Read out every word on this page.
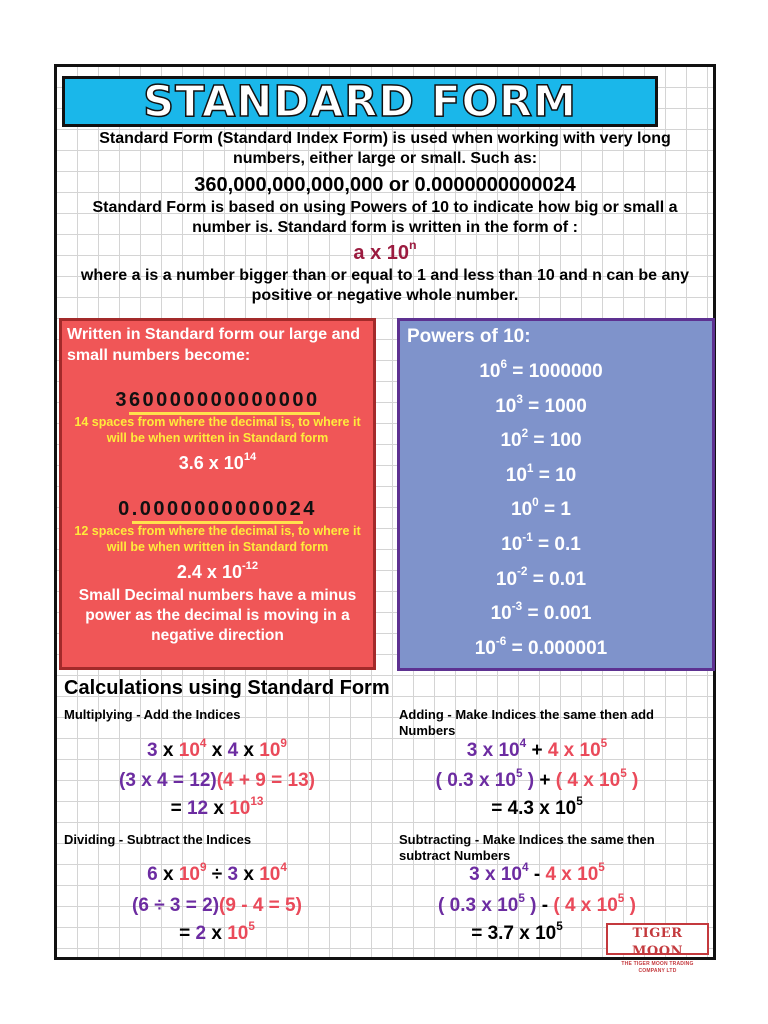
STANDARD FORM
Standard Form (Standard Index Form) is used when working with very long numbers, either large or small. Such as:
360,000,000,000,000 or 0.0000000000024
Standard Form is based on using Powers of 10 to indicate how big or small a number is. Standard form is written in the form of :
a x 10$^n$
where a is a number bigger than or equal to 1 and less than 10 and n can be any positive or negative whole number.
Written in Standard form our large and small numbers become:
360000000000000
14 spaces from where the decimal is, to where it will be when written in Standard form
3.6 x $10^{14}$
0.0000000000024
12 spaces from where the decimal is, to where it will be when written in Standard form
2.4 x $10^{-12}$
Small Decimal numbers have a minus power as the decimal is moving in a negative direction
Powers of 10:
$10^6 = 1000000$
$10^3 = 1000$
$10^2 = 100$
$10^1 = 10$
$10^0 = 1$
$10^{-1} = 0.1$
$10^{-2} = 0.01$
$10^{-3} = 0.001$
$10^{-6} = 0.000001$
Calculations using Standard Form
Multiplying - Add the Indices
3 x $10^4$ x 4 x $10^9$
(3 x 4 = 12)(4 + 9 = 13)
= 12 x $10^{13}$
Adding - Make Indices the same then add Numbers
3 x $10^4 + 4$ x $10^5$
( 0.3 x $10^5$ ) + ( 4 x $10^5$ )
= 4.3 x $10^5$
Dividing - Subtract the Indices
6 x $10^9 \div 3$ x $10^4$
(6 ÷ 3 = 2)(9 - 4 = 5)
= 2 x $10^5$
Subtracting - Make Indices the same then subtract Numbers
3 x $10^4 - 4$ x $10^5$
( 0.3 x $10^5$ ) - ( 4 x $10^5$ )
= 3.7 x $10^5$	TIGER MOON
THE TIGER MOON TRADING COMPANY LTD
